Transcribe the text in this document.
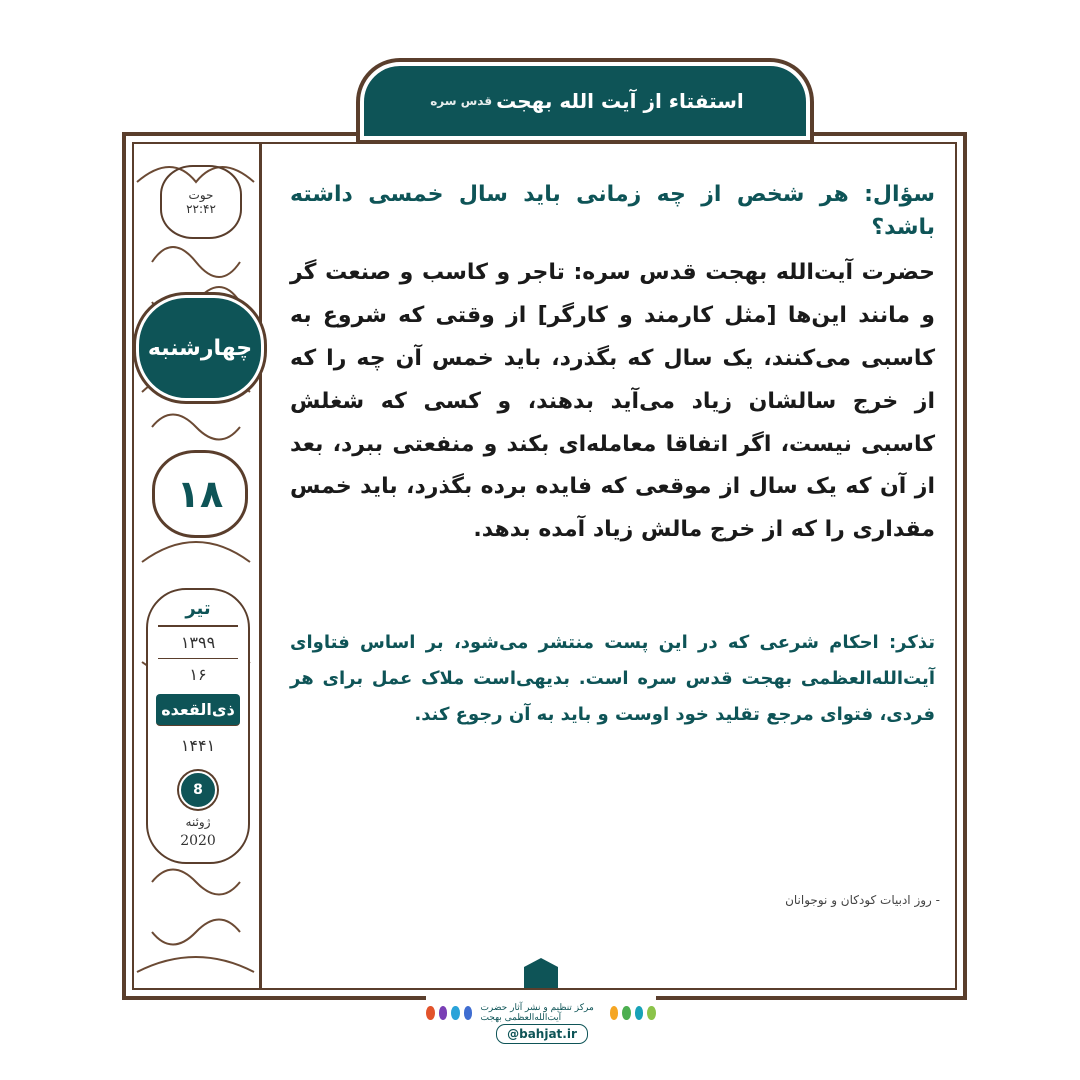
استفتاء از آیت الله بهجت
قدس سره
حوت
۲۲:۴۲
چهارشنبه
۱۸
تیر
۱۳۹۹
۱۶
ذی‌القعده
۱۴۴۱
8
ژوئنه
2020

سؤال: هر شخص از چه زمانی باید سال خمسی داشته باشد؟

حضرت آیت‌الله بهجت قدس سره: تاجر و کاسب و صنعت گر و مانند این‌ها [مثل کارمند و کارگر] از وقتی که شروع به کاسبی می‌کنند، یک سال که بگذرد، باید خمس آن چه را که از خرج سالشان زیاد می‌آید بدهند، و کسی که شغلش کاسبی نیست، اگر اتفاقا معامله‌ای بکند و منفعتی ببرد، بعد از آن که یک سال از موقعی که فایده برده بگذرد، باید خمس مقداری را که از خرج مالش زیاد آمده بدهد.

تذکر: احکام شرعی که در این پست منتشر می‌شود، بر اساس فتاوای آیت‌الله‌العظمی بهجت قدس سره است. بدیهی‌است ملاک عمل برای هر فردی، فتوای مرجع تقلید خود اوست و باید به آن رجوع کند.
- روز ادبیات کودکان و نوجوانان
مرکز تنظیم و نشر آثار حضرت آیت‌الله‌العظمی بهجت
@bahjat.ir
